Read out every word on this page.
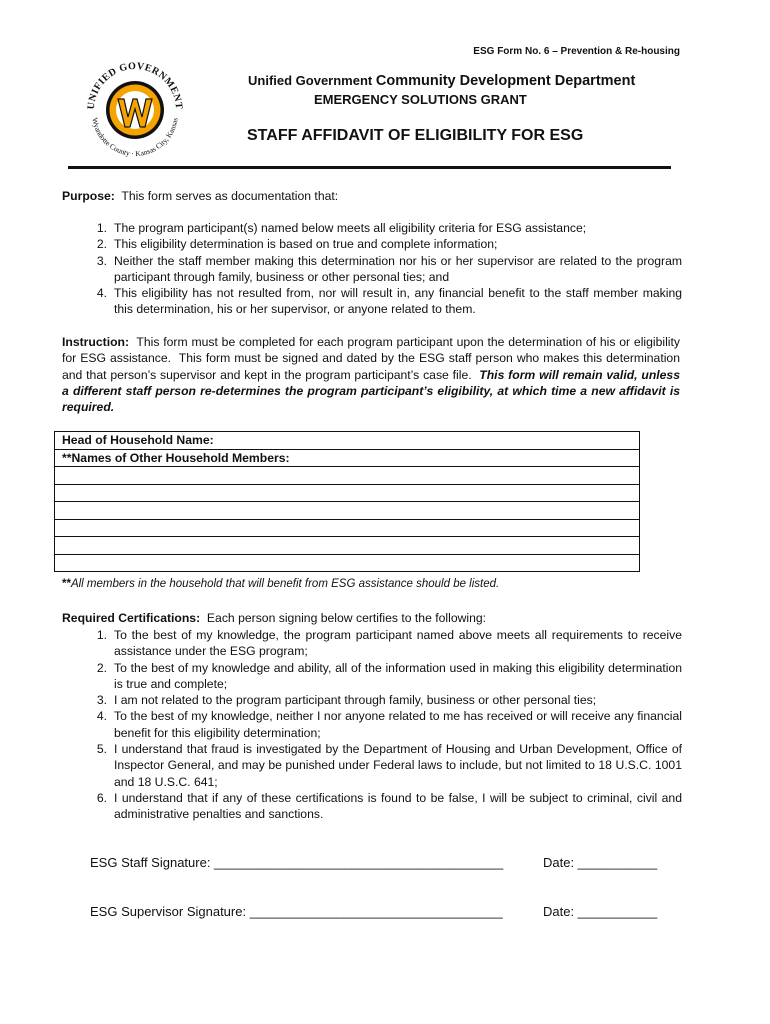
ESG Form No. 6 – Prevention & Re-housing
UNIFIED GOVERNMENT
Wyandotte County · Kansas City, Kansas
Unified Government Community Development Department
EMERGENCY SOLUTIONS GRANT
STAFF AFFIDAVIT OF ELIGIBILITY FOR ESG
Purpose:  This form serves as documentation that:
1. The program participant(s) named below meets all eligibility criteria for ESG assistance;
2. This eligibility determination is based on true and complete information;
3. Neither the staff member making this determination nor his or her supervisor are related to the program participant through family, business or other personal ties; and
4. This eligibility has not resulted from, nor will result in, any financial benefit to the staff member making this determination, his or her supervisor, or anyone related to them.
Instruction:  This form must be completed for each program participant upon the determination of his or eligibility for ESG assistance.  This form must be signed and dated by the ESG staff person who makes this determination and that person’s supervisor and kept in the program participant’s case file.  This form will remain valid, unless a different staff person re-determines the program participant’s eligibility, at which time a new affidavit is required.
Head of Household Name:
**Names of Other Household Members:

**All members in the household that will benefit from ESG assistance should be listed.
Required Certifications:  Each person signing below certifies to the following:
1. To the best of my knowledge, the program participant named above meets all requirements to receive assistance under the ESG program;
2. To the best of my knowledge and ability, all of the information used in making this eligibility determination is true and complete;
3. I am not related to the program participant through family, business or other personal ties;
4. To the best of my knowledge, neither I nor anyone related to me has received or will receive any financial benefit for this eligibility determination;
5. I understand that fraud is investigated by the Department of Housing and Urban Development, Office of Inspector General, and may be punished under Federal laws to include, but not limited to 18 U.S.C. 1001 and 18 U.S.C. 641;
6. I understand that if any of these certifications is found to be false, I will be subject to criminal, civil and administrative penalties and sanctions.
ESG Staff Signature: ________________________________________	Date: ___________
ESG Supervisor Signature: ___________________________________	Date: ___________
